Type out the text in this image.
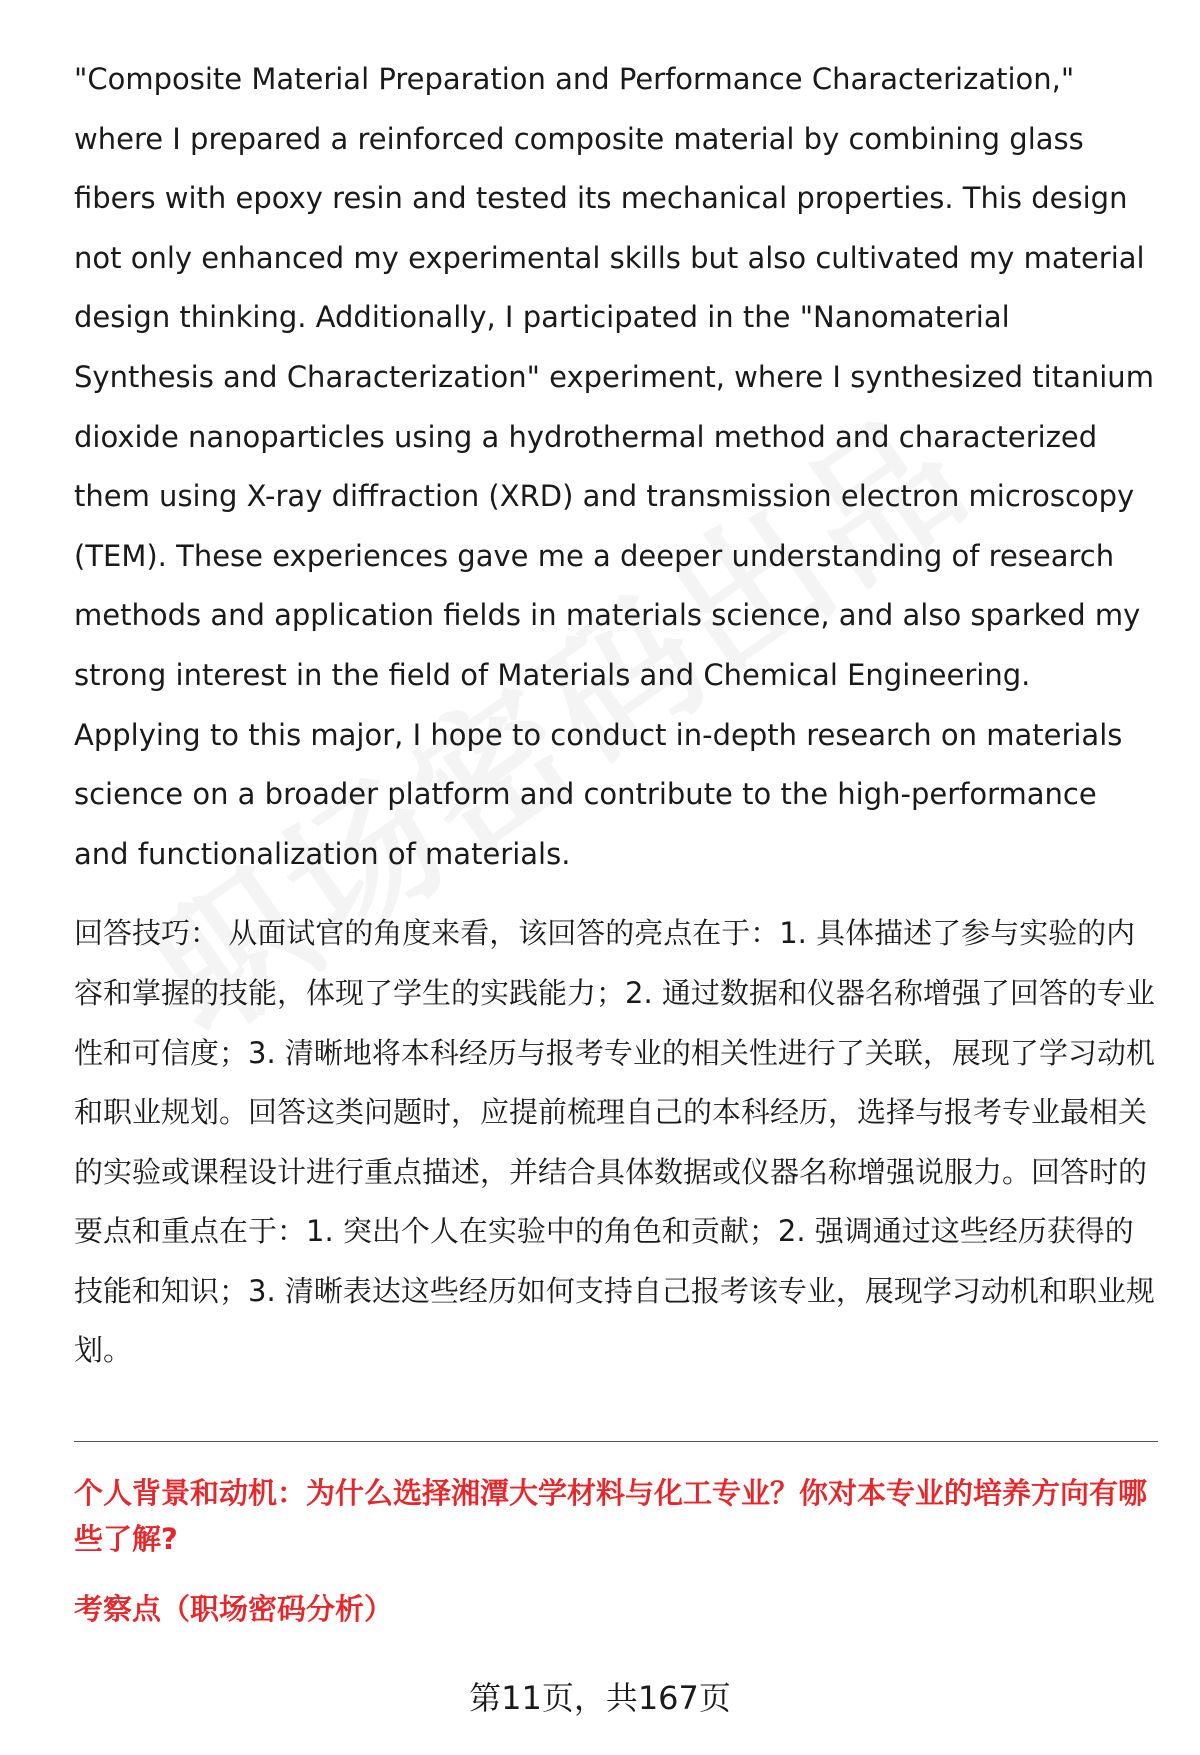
"Composite Material Preparation and Performance Characterization," where I prepared a reinforced composite material by combining glass fibers with epoxy resin and tested its mechanical properties. This design not only enhanced my experimental skills but also cultivated my material design thinking. Additionally, I participated in the "Nanomaterial Synthesis and Characterization" experiment, where I synthesized titanium dioxide nanoparticles using a hydrothermal method and characterized them using X-ray diffraction (XRD) and transmission electron microscopy (TEM). These experiences gave me a deeper understanding of research methods and application fields in materials science, and also sparked my strong interest in the field of Materials and Chemical Engineering. Applying to this major, I hope to conduct in-depth research on materials science on a broader platform and contribute to the high-performance and functionalization of materials.

回答技巧： 从面试官的角度来看，该回答的亮点在于：1. 具体描述了参与实验的内容和掌握的技能，体现了学生的实践能力；2. 通过数据和仪器名称增强了回答的专业性和可信度；3. 清晰地将本科经历与报考专业的相关性进行了关联，展现了学习动机和职业规划。回答这类问题时，应提前梳理自己的本科经历，选择与报考专业最相关的实验或课程设计进行重点描述，并结合具体数据或仪器名称增强说服力。回答时的要点和重点在于：1. 突出个人在实验中的角色和贡献；2. 强调通过这些经历获得的技能和知识；3. 清晰表达这些经历如何支持自己报考该专业，展现学习动机和职业规划。

个人背景和动机：为什么选择湘潭大学材料与化工专业？你对本专业的培养方向有哪些了解?
考察点（职场密码分析）
第11页，共167页
